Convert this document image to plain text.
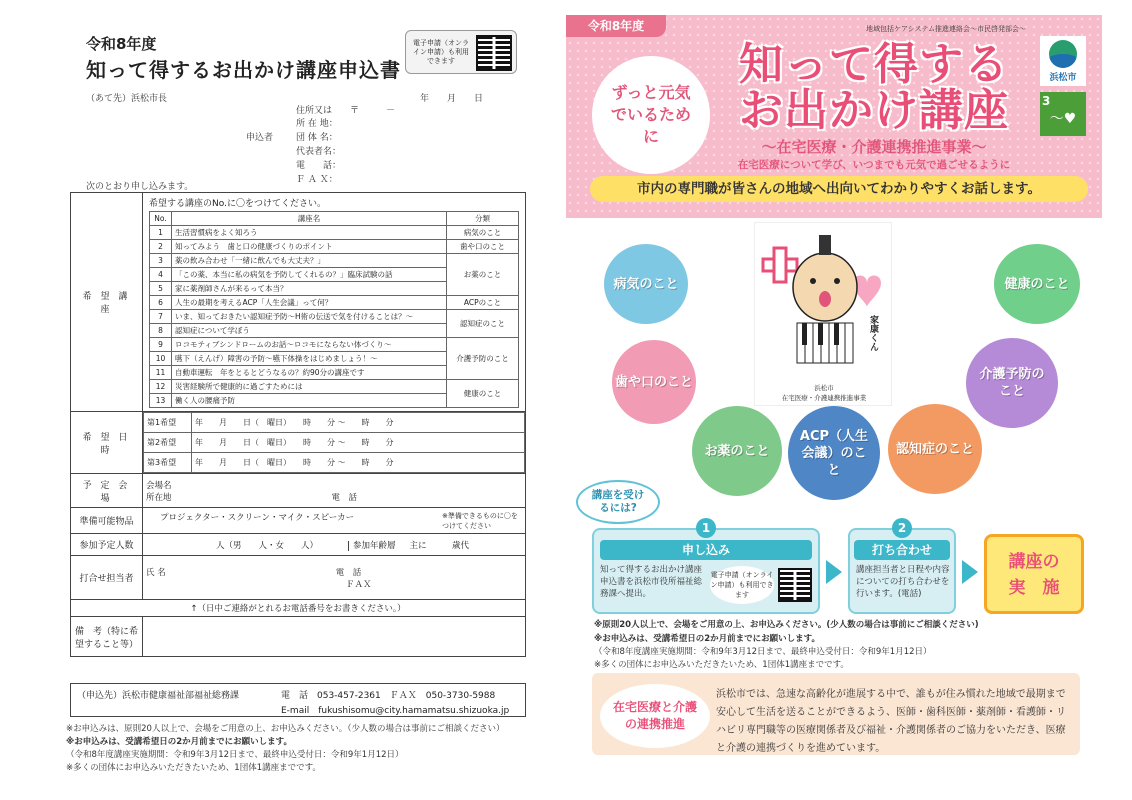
令和8年度
知って得するお出かけ講座申込書
電子申請（オンライン申請）も利用できます
（あて先）浜松市長	年　　月　　日
住所又は
申込者
〒　　　－
所 在 地：
団 体 名：
代表者名：
電　　話：
Ｆ Ａ Ｘ：
次のとおり申し込みます。
希 望 講 座	
希望する講座のNo.に〇をつけてください。
No.	講座名	分類
1	生活習慣病をよく知ろう	病気のこと
2	知ってみよう　歯と口の健康づくりのポイント	歯や口のこと
3	薬の飲み合わせ「一緒に飲んでも大丈夫？」	お薬のこと
4	「この薬、本当に私の病気を予防してくれるの？」臨床試験の話
5	家に薬剤師さんが来るって本当？
6	人生の最期を考えるACP「人生会議」って何？	ACPのこと
7	いま、知っておきたい認知症予防～H術の伝送で気を付けることは？～	認知症のこと
8	認知症について学ぼう
9	ロコモティブシンドロームのお話～ロコモにならない体づくり～	介護予防のこと
10	嚥下（えんげ）障害の予防～嚥下体操をはじめましょう！～
11	自動車運転　年をとるとどうなるの？約90分の講座です
12	災害経験所で健康的に過ごすためには	健康のこと
13	働く人の腰痛予防

希 望 日 時	
第1希望	年　　月　　日（　曜日）　　時　　分 ～　　時　　分
第2希望	年　　月　　日（　曜日）　　時　　分 ～　　時　　分
第3希望	年　　月　　日（　曜日）　　時　　分 ～　　時　　分

予 定 会 場	
会場名
所在地	電　話

準備可能物品	プロジェクター・スクリーン・マイク・スピーカー	※準備できるものに〇をつけてください

参加予定人数	人（男　　人・女　　人）	参加年齢層 主に　　　歳代
打合せ担当者	
氏 名	電　話
ＦＡＸ

↑（日中ご連絡がとれるお電話番号をお書きください。）
備　考（特に希望すること等）	
（申込先）浜松市健康福祉部福祉総務課	電　話　053-457-2361　ＦＡＸ　050-3730-5988
E-mail　fukushisomu@city.hamamatsu.shizuoka.jp
※お申込みは、原則20人以上で、会場をご用意の上、お申込みください。（少人数の場合は事前にご相談ください）
※お申込みは、受講希望日の2か月前までにお願いします。
（令和8年度講座実施期間：令和9年3月12日まで、最終申込受付日：令和9年1月12日）
※多くの団体にお申込みいただきたいため、1団体1講座までです。
令和8年度	地域包括ケアシステム推進連絡会～市民啓発部会～
ずっと元気でいるために
知って得する
お出かけ講座
～在宅医療・介護連携推進事業～
在宅医療について学び、いつまでも元気で過ごせるように
浜松市
3
〜♥
市内の専門職が皆さんの地域へ出向いてわかりやすくお話します。
家康くん
浜松市
在宅医療・介護連携推進事業
病気のこと
歯や口のこと
お薬のこと
ACP（人生会議）のこと
認知症のこと
介護予防のこと
健康のこと
講座を受けるには?
1
申し込み
知って得するお出かけ講座申込書を浜松市役所福祉総務課へ提出。
電子申請（オンライン申請）も利用できます
2
打ち合わせ
講座担当者と日程や内容についての打ち合わせを行います。(電話)
講座の実　施
※原則20人以上で、会場をご用意の上、お申込みください。(少人数の場合は事前にご相談ください)
※お申込みは、受講希望日の2か月前までにお願いします。
（令和8年度講座実施期間：令和9年3月12日まで、最終申込受付日：令和9年1月12日）
※多くの団体にお申込みいただきたいため、1団体1講座までです。
在宅医療と介護の連携推進
浜松市では、急速な高齢化が進展する中で、誰もが住み慣れた地域で最期まで安心して生活を送ることができるよう、医師・歯科医師・薬剤師・看護師・リハビリ専門職等の医療関係者及び福祉・介護関係者のご協力をいただき、医療と介護の連携づくりを進めています。
